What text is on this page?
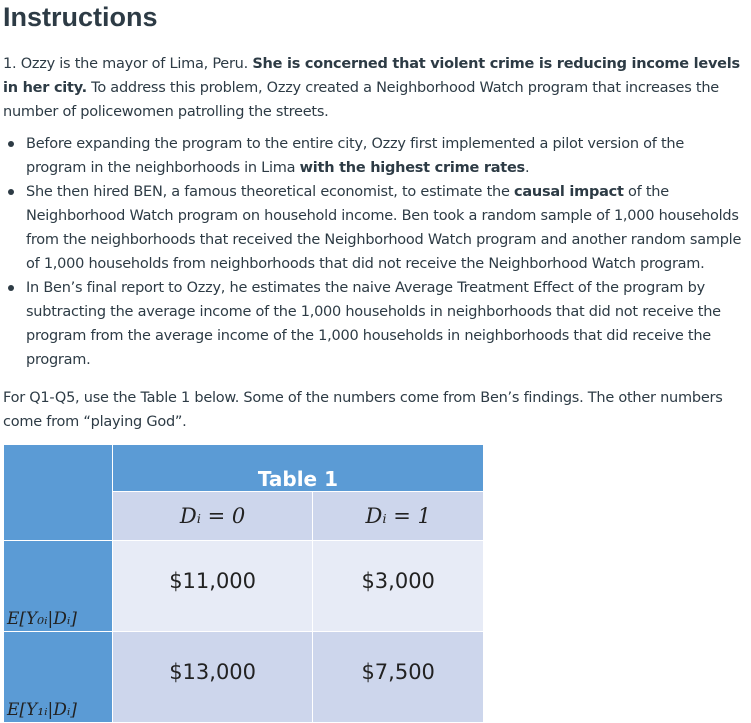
Instructions

1. Ozzy is the mayor of Lima, Peru. She is concerned that violent crime is reducing income levels in her city. To address this problem, Ozzy created a Neighborhood Watch program that increases the number of policewomen patrolling the streets.

Before expanding the program to the entire city, Ozzy first implemented a pilot version of the program in the neighborhoods in Lima with the highest crime rates.
She then hired BEN, a famous theoretical economist, to estimate the causal impact of the Neighborhood Watch program on household income. Ben took a random sample of 1,000 households from the neighborhoods that received the Neighborhood Watch program and another random sample of 1,000 households from neighborhoods that did not receive the Neighborhood Watch program.
In Ben’s final report to Ozzy, he estimates the naive Average Treatment Effect of the program by subtracting the average income of the 1,000 households in neighborhoods that did not receive the program from the average income of the 1,000 households in neighborhoods that did receive the program.

For Q1-Q5, use the Table 1 below. Some of the numbers come from Ben’s findings. The other numbers come from “playing God”.

	Table 1	
	Dᵢ = 0	Dᵢ = 1
E[Y₀ᵢ|Dᵢ]	$11,000	$3,000
E[Y₁ᵢ|Dᵢ]	$13,000	$7,500
